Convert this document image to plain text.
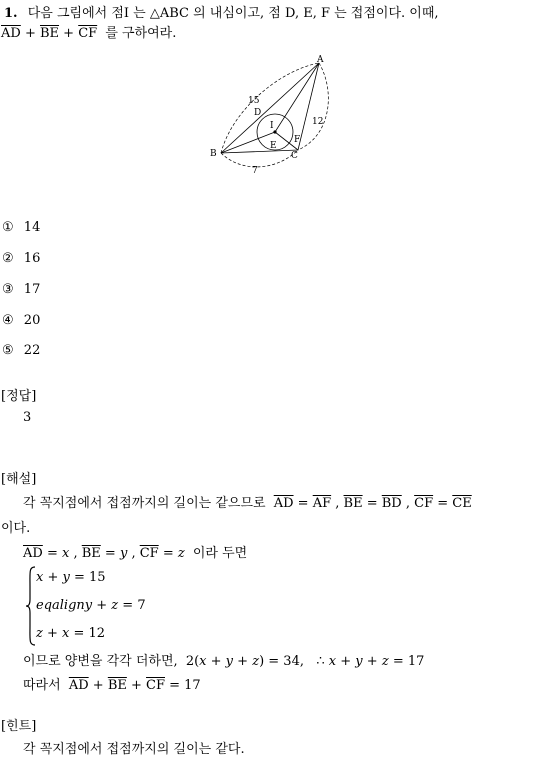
1. 다음 그림에서 점I 는 △ABC 의 내심이고, 점 D, E, F 는 접점이다. 이때,
$\overline{AD} + \overline{BE} + \overline{CF}$ 를 구하여라.
A
B	C
D
E
F
I
15
12
7
① 14
② 16
③ 17
④ 20
⑤ 22
[정답]
3
[해설]
각 꼭지점에서 접점까지의 길이는 같으므로 $\overline{AD} = \overline{AF}$ , $\overline{BE} = \overline{BD}$ , $\overline{CF} = \overline{CE}$
이다.
$\overline{AD} = x$ , $\overline{BE} = y$ , $\overline{CF} = z$ 이라 두면
x + y = 15
eqaligny + z = 7
z + x = 12
이므로 양변을 각각 더하면, 2(x + y + z) = 34,   ∴ x + y + z = 17
따라서 $\overline{AD} + \overline{BE} + \overline{CF} = 17$
[힌트]
각 꼭지점에서 접점까지의 길이는 같다.
